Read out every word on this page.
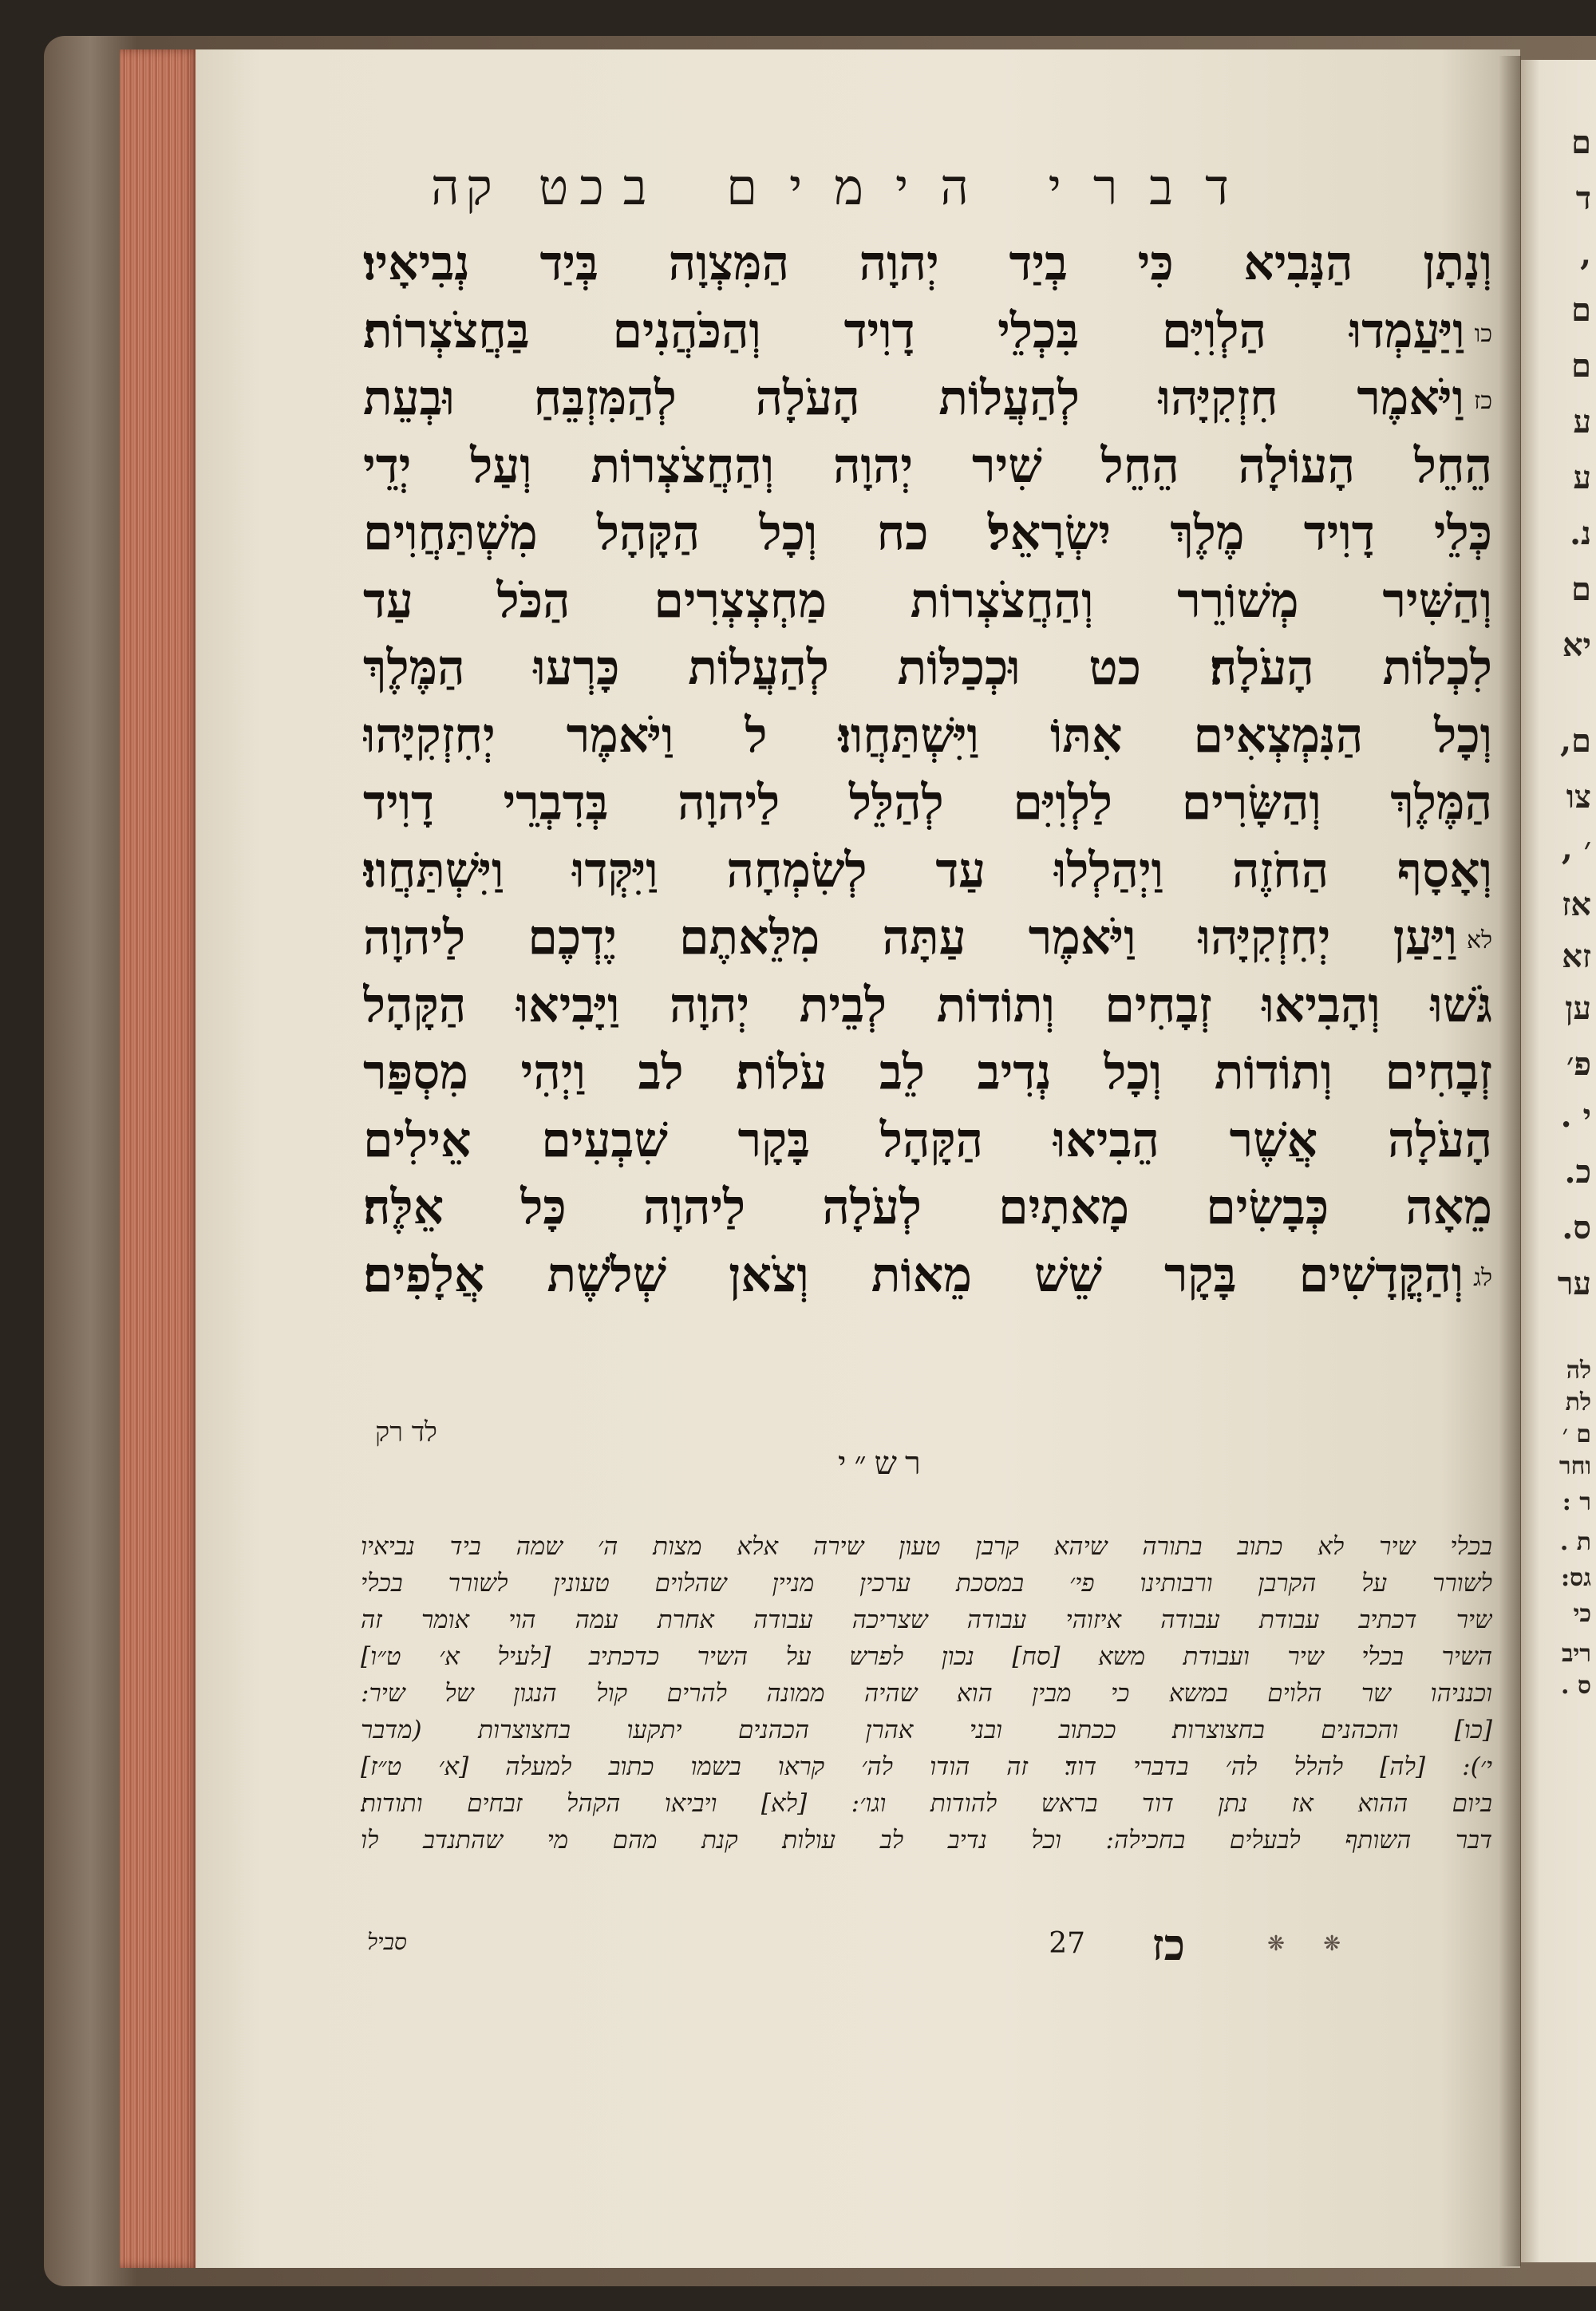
ם
ד
,
ם
ם
ע
ע
נ.
ם
יא
ם,
צו
׳ ,
אז
זא
ען
פ׳
י .
כ.
ס.
ער
לה
לת
ם ׳
וחר
ר :
ת .
גס:
כי
ריב
ס .
דברי הימים ב
כט
קה
וְנָתָן הַנָּבִיא כִּי בְיַד יְהוָה הַמִּצְוָה בְּיַד נְבִיאָיו׃
כווַיַּעַמְדוּ הַלְוִיִּם בִּכְלֵי דָוִיד וְהַכֹּהֲנִים בַּחֲצֹצְרוֹת׃
כזוַיֹּאמֶר חִזְקִיָּהוּ לְהַעֲלוֹת הָעֹלָה לְהַמִּזְבֵּחַ וּבְעֵת
הֵחֵל הָעוֹלָה הֵחֵל שִׁיר יְהוָה וְהַחֲצֹצְרוֹת וְעַל יְדֵי
כְּלֵי דָוִיד מֶלֶךְ יִשְׂרָאֵל׃ כח וְכָל הַקָּהָל מִשְׁתַּחֲוִים
וְהַשִּׁיר מְשׁוֹרֵר וְהַחֲצֹצְרוֹת מַחְצְצְרִים הַכֹּל עַד
לִכְלוֹת הָעֹלָה׃ כט וּכְכַלּוֹת לְהַעֲלוֹת כָּרְעוּ הַמֶּלֶךְ
וְכָל הַנִּמְצְאִים אִתּוֹ וַיִּשְׁתַּחֲווּ׃ ל וַיֹּאמֶר יְחִזְקִיָּהוּ
הַמֶּלֶךְ וְהַשָּׂרִים לַלְוִיִּם לְהַלֵּל לַיהוָה בְּדִבְרֵי דָוִיד
וְאָסָף הַחֹזֶה וַיְהַלְלוּ עַד לְשִׂמְחָה וַיִּקְּדוּ וַיִּשְׁתַּחֲווּ׃
לאוַיַּעַן יְחִזְקִיָּהוּ וַיֹּאמֶר עַתָּה מִלֵּאתֶם יֶדְכֶם לַיהוָה
גֹּשׁוּ וְהָבִיאוּ זְבָחִים וְתוֹדוֹת לְבֵית יְהוָה וַיָּבִיאוּ הַקָּהָל
זְבָחִים וְתוֹדוֹת וְכָל נְדִיב לֵב עֹלוֹת׃ לב וַיְהִי מִסְפַּר
הָעֹלָה אֲשֶׁר הֵבִיאוּ הַקָּהָל בָּקָר שִׁבְעִים אֵילִים
מֵאָה כְּבָשִׂים מָאתָיִם לְעֹלָה לַיהוָה כָּל אֵלֶּה׃
לגוְהַקֳּדָשִׁים בָּקָר שֵׁשׁ מֵאוֹת וְצֹאן שְׁלֹשֶׁת אֲלָפִים׃
לד רק
רש״י
בכלי שיר לא כתוב בתורה שיהא קרבן טעון שירה אלא מצות ה׳ שמה ביד נביאיו
לשורר על הקרבן ורבותינו פי׳ במסכת ערכין מניין שהלוים טעונין לשורר בכלי
שיר דכתיב עבודת עבודה איזוהי עבודה שצריכה עבודה אחרת עמה הוי אומר זה
השיר בכלי שיר ועבודת משא [סח] נכון לפרש על השיר כדכתיב [לעיל א׳ ט״ו]
וכנניהו שר הלוים במשא כי מבין הוא שהיה ממונה להרים קול הנגון של שיר:
[כו] והכהנים בחצוצרות׃ ככתוב ובני אהרן הכהנים יתקעו בחצוצרות (מדבר
י׳): [לה] להלל לה׳ בדברי דוד׃ זה הודו לה׳ קראו בשמו כתוב למעלה [א׳ ט״ז]
ביום ההוא אז נתן דוד בראש להודות וגו׳: [לא] ויביאו הקהל זבחים ותודות׃
דבר השותף לבעלים בחכילה: וכל נדיב לב עולות׃ קנת מהם מי שהתנדב לו
כז
27	❋ ❋
סביל
